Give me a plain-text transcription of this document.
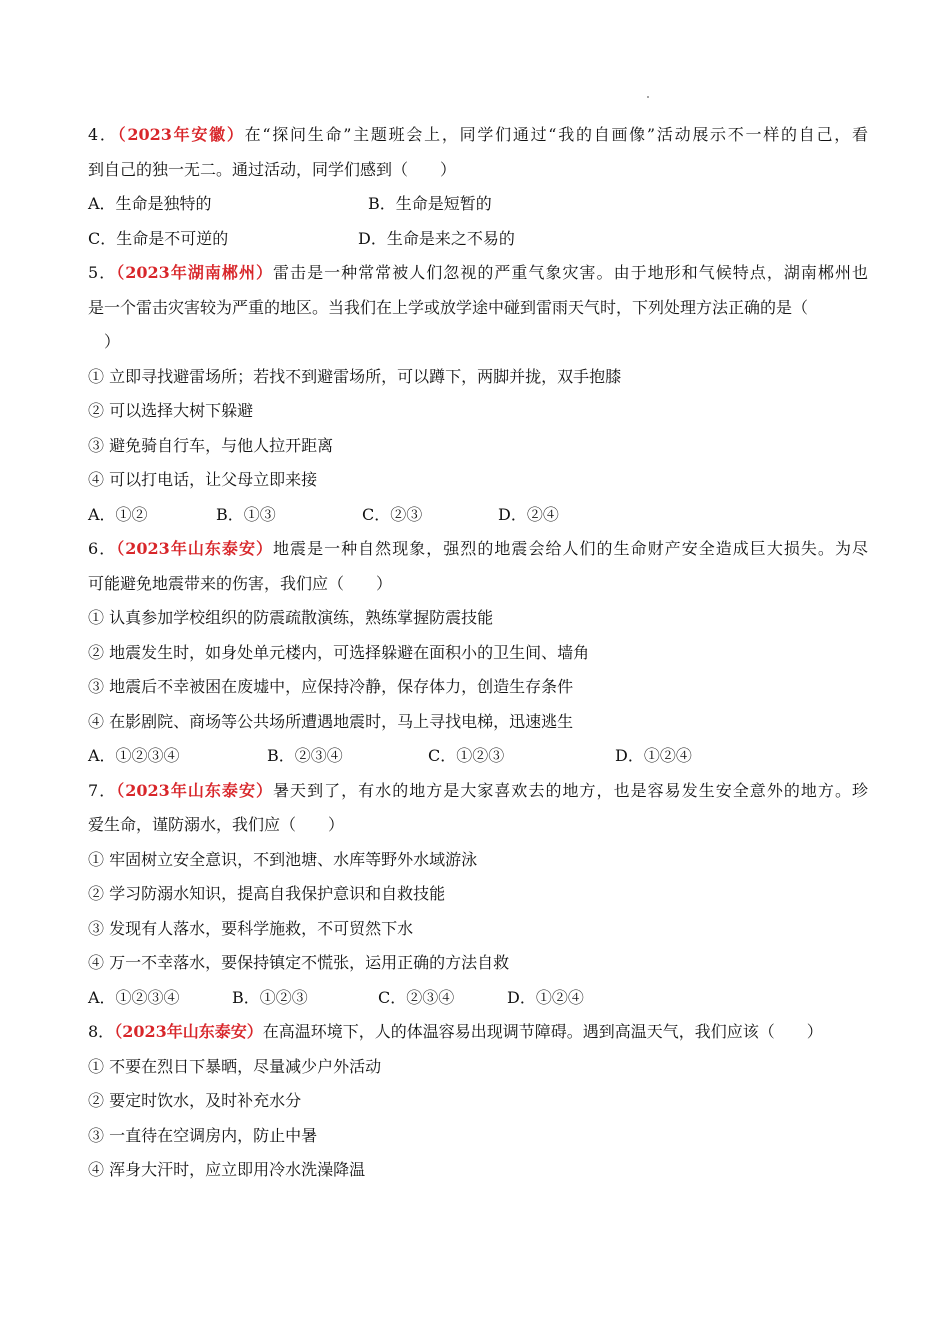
4．（2023年安徽）在“探问生命”主题班会上，同学们通过“我的自画像”活动展示不一样的自己，看
到自己的独一无二。通过活动，同学们感到（　　）
A．生命是独特的	B．生命是短暂的
C．生命是不可逆的	D．生命是来之不易的
5．（2023年湖南郴州）雷击是一种常常被人们忽视的严重气象灾害。由于地形和气候特点，湖南郴州也
是一个雷击灾害较为严重的地区。当我们在上学或放学途中碰到雷雨天气时，下列处理方法正确的是（
　）
① 立即寻找避雷场所；若找不到避雷场所，可以蹲下，两脚并拢，双手抱膝
② 可以选择大树下躲避
③ 避免骑自行车，与他人拉开距离
④ 可以打电话，让父母立即来接
A．①②	B．①③	C．②③	D．②④
6．（2023年山东泰安）地震是一种自然现象，强烈的地震会给人们的生命财产安全造成巨大损失。为尽
可能避免地震带来的伤害，我们应（　　）
① 认真参加学校组织的防震疏散演练，熟练掌握防震技能
② 地震发生时，如身处单元楼内，可选择躲避在面积小的卫生间、墙角
③ 地震后不幸被困在废墟中，应保持冷静，保存体力，创造生存条件
④ 在影剧院、商场等公共场所遭遇地震时，马上寻找电梯，迅速逃生
A．①②③④	B．②③④	C．①②③	D．①②④
7．（2023年山东泰安）暑天到了，有水的地方是大家喜欢去的地方，也是容易发生安全意外的地方。珍
爱生命，谨防溺水，我们应（　　）
① 牢固树立安全意识，不到池塘、水库等野外水域游泳
② 学习防溺水知识，提高自我保护意识和自救技能
③ 发现有人落水，要科学施救，不可贸然下水
④ 万一不幸落水，要保持镇定不慌张，运用正确的方法自救
A．①②③④	B．①②③	C．②③④	D．①②④
8．（2023年山东泰安）在高温环境下，人的体温容易出现调节障碍。遇到高温天气，我们应该（　　）
① 不要在烈日下暴晒，尽量减少户外活动
② 要定时饮水，及时补充水分
③ 一直待在空调房内，防止中暑
④ 浑身大汗时，应立即用冷水洗澡降温
